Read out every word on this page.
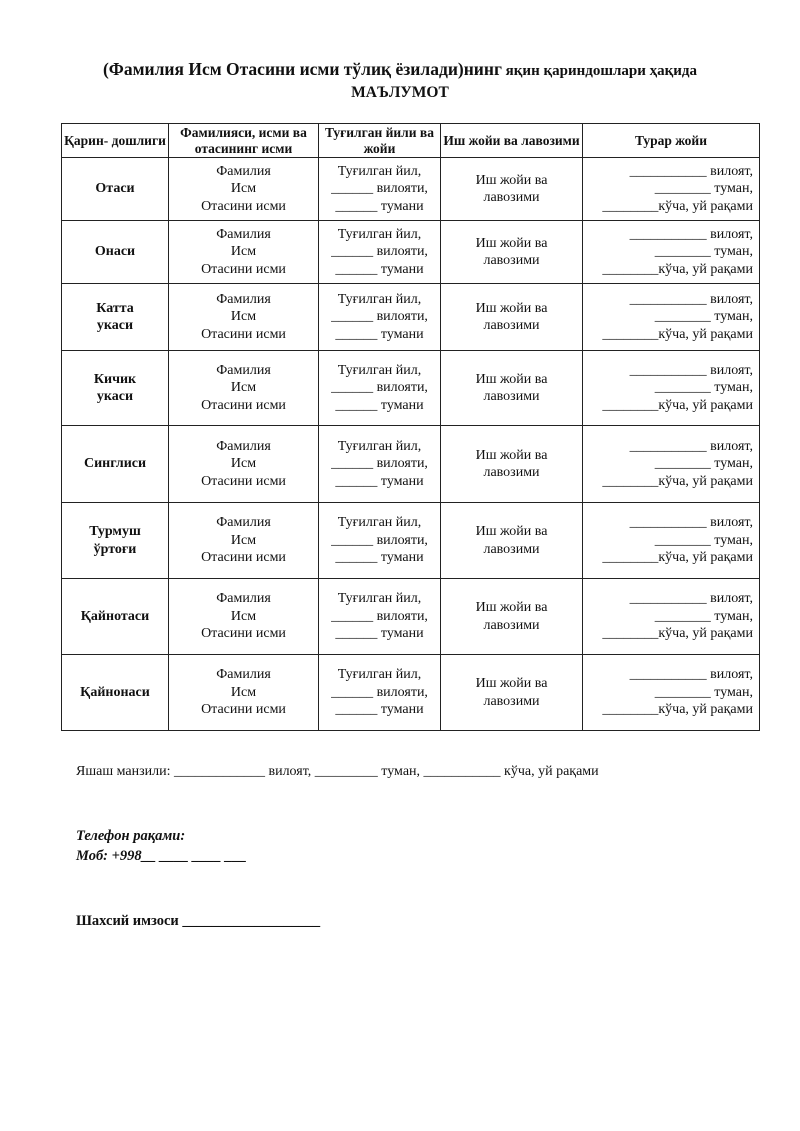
(Фамилия Исм Отасини исми тўлиқ ёзилади)нинг яқин қариндошлари ҳақида
МАЪЛУМОТ
Қарин- дошлиги	Фамилияси, исми ва отасининг исми	Туғилган йили ва жойи	Иш жойи ва лавозими	Турар жойи

Отаси	Фамилия
Исм
Отасини исми	Туғилган йил,
______ вилояти,
______ тумани	Иш жойи ва
лавозими	___________ вилоят,
________ туман,
________кўча, уй рақами

Онаси	Фамилия
Исм
Отасини исми	Туғилган йил,
______ вилояти,
______ тумани	Иш жойи ва
лавозими	___________ вилоят,
________ туман,
________кўча, уй рақами

Катта
укаси	Фамилия
Исм
Отасини исми	Туғилган йил,
______ вилояти,
______ тумани	Иш жойи ва
лавозими	___________ вилоят,
________ туман,
________кўча, уй рақами

Кичик
укаси	Фамилия
Исм
Отасини исми	Туғилган йил,
______ вилояти,
______ тумани	Иш жойи ва
лавозими	___________ вилоят,
________ туман,
________кўча, уй рақами

Синглиси	Фамилия
Исм
Отасини исми	Туғилган йил,
______ вилояти,
______ тумани	Иш жойи ва
лавозими	___________ вилоят,
________ туман,
________кўча, уй рақами

Турмуш
ўртоғи	Фамилия
Исм
Отасини исми	Туғилган йил,
______ вилояти,
______ тумани	Иш жойи ва
лавозими	___________ вилоят,
________ туман,
________кўча, уй рақами

Қайнотаси	Фамилия
Исм
Отасини исми	Туғилган йил,
______ вилояти,
______ тумани	Иш жойи ва
лавозими	___________ вилоят,
________ туман,
________кўча, уй рақами

Қайнонаси	Фамилия
Исм
Отасини исми	Туғилган йил,
______ вилояти,
______ тумани	Иш жойи ва
лавозими	___________ вилоят,
________ туман,
________кўча, уй рақами
Яшаш манзили: _____________ вилоят, _________ туман, ___________ кўча, уй рақами
Телефон рақами:
Моб: +998__ ____ ____ ___
Шахсий имзоси ___________________
